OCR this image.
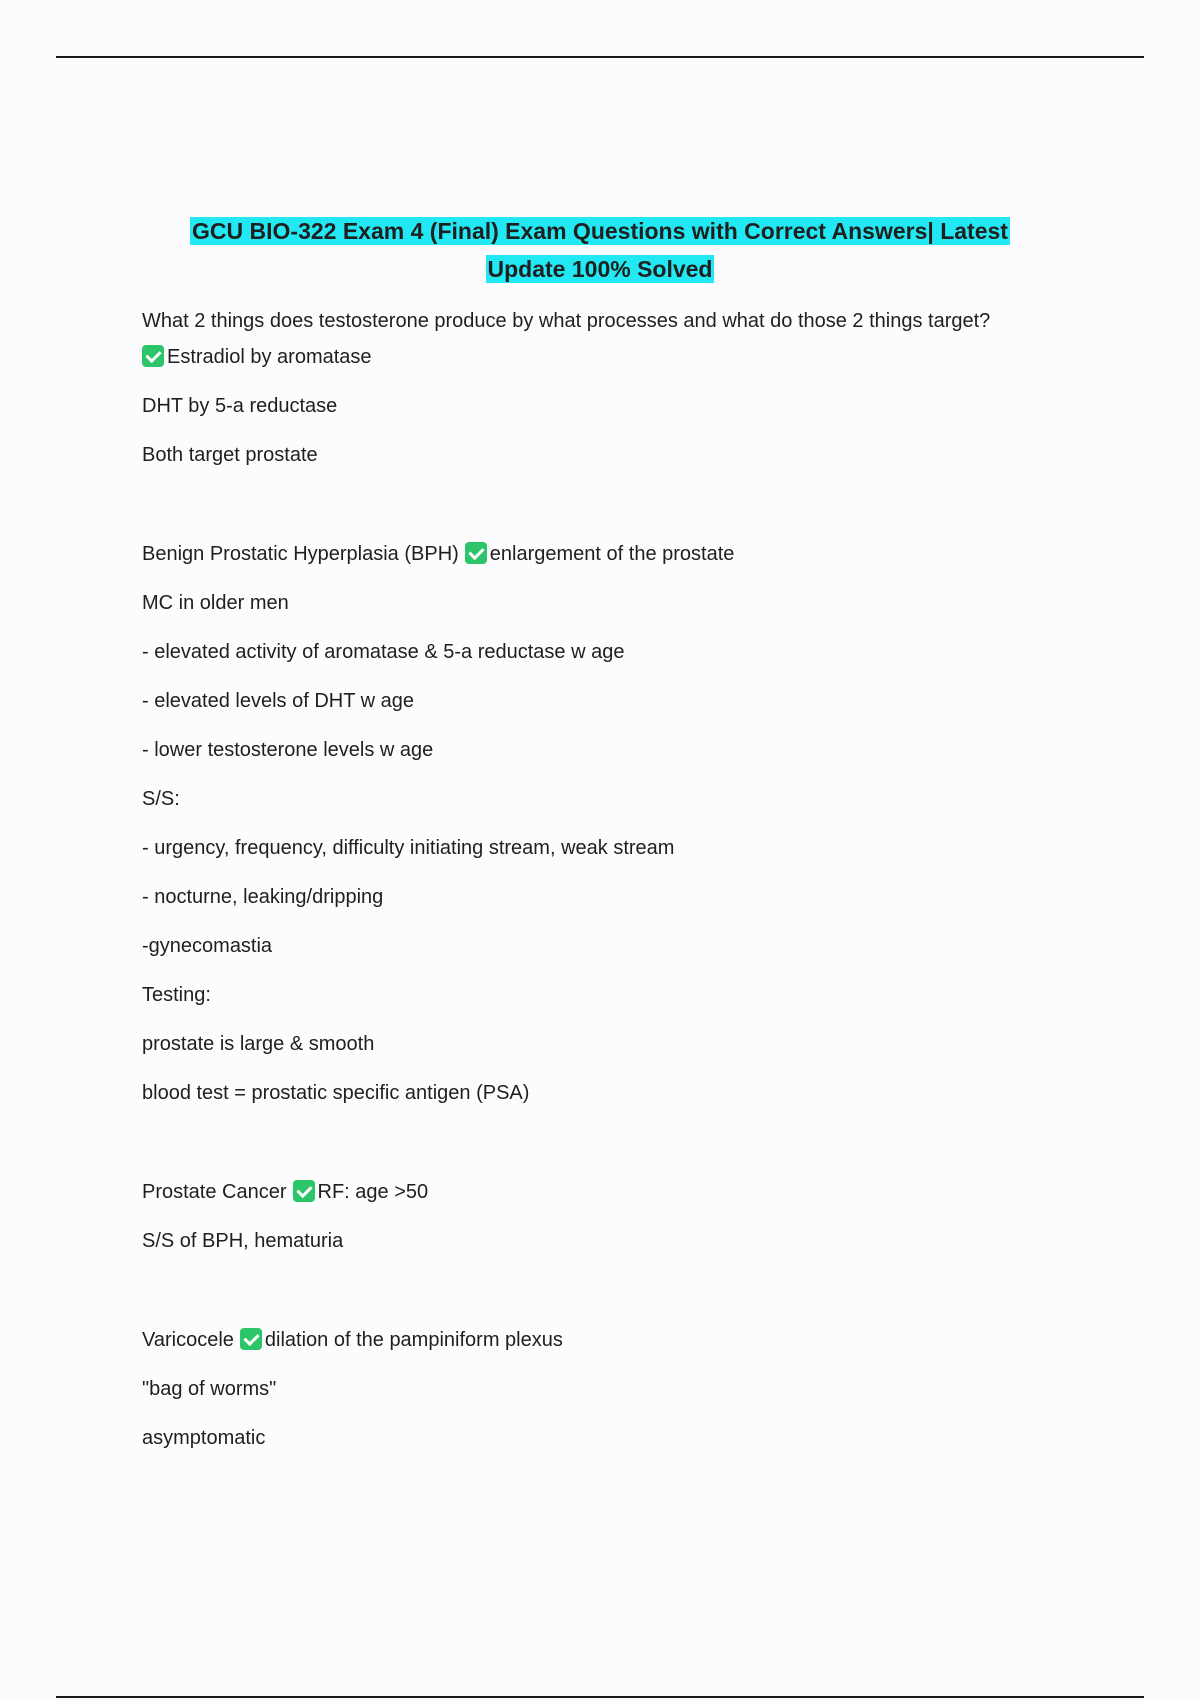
GCU BIO-322 Exam 4 (Final) Exam Questions with Correct Answers| Latest
Update 100% Solved
What 2 things does testosterone produce by what processes and what do those 2 things target?
Estradiol by aromatase
DHT by 5-a reductase
Both target prostate
Benign Prostatic Hyperplasia (BPH) enlargement of the prostate
MC in older men
- elevated activity of aromatase & 5-a reductase w age
- elevated levels of DHT w age
- lower testosterone levels w age
S/S:
- urgency, frequency, difficulty initiating stream, weak stream
- nocturne, leaking/dripping
-gynecomastia
Testing:
prostate is large & smooth
blood test = prostatic specific antigen (PSA)
Prostate Cancer RF: age >50
S/S of BPH, hematuria
Varicocele dilation of the pampiniform plexus
"bag of worms"
asymptomatic
